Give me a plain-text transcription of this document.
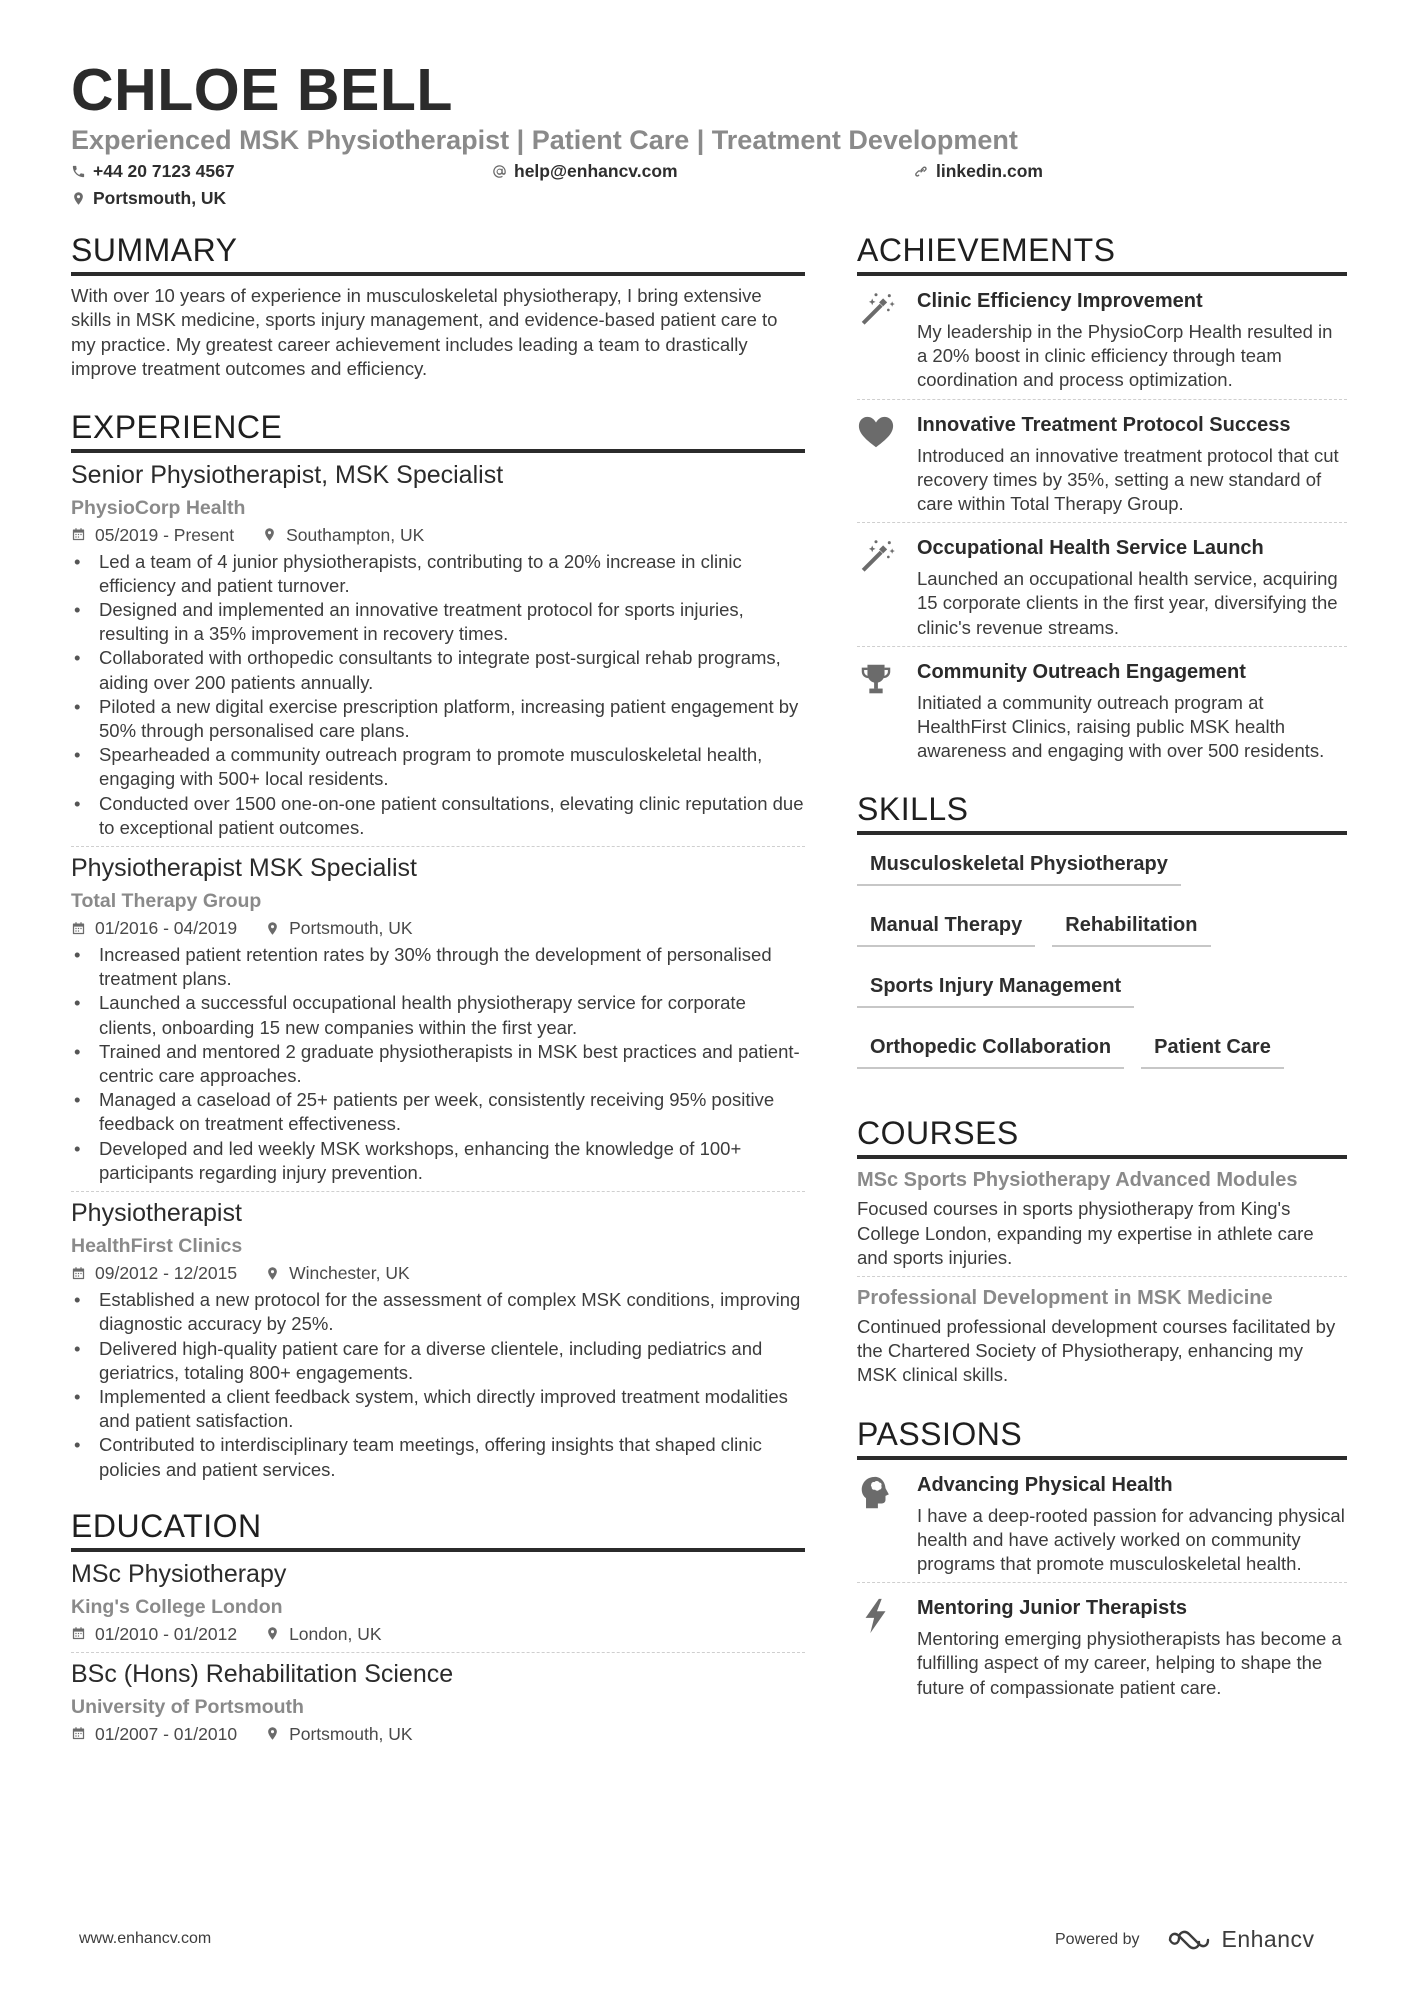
CHLOE BELL
Experienced MSK Physiotherapist | Patient Care | Treatment Development
+44 20 7123 4567	help@enhancv.com	linkedin.com
Portsmouth, UK
SUMMARY

With over 10 years of experience in musculoskeletal physiotherapy, I bring extensive skills in MSK medicine, sports injury management, and evidence-based patient care to my practice. My greatest career achievement includes leading a team to drastically improve treatment outcomes and efficiency.

EXPERIENCE
Senior Physiotherapist, MSK Specialist
PhysioCorp Health
05/2019 - Present	Southampton, UK
• Led a team of 4 junior physiotherapists, contributing to a 20% increase in clinic efficiency and patient turnover.
• Designed and implemented an innovative treatment protocol for sports injuries, resulting in a 35% improvement in recovery times.
• Collaborated with orthopedic consultants to integrate post-surgical rehab programs, aiding over 200 patients annually.
• Piloted a new digital exercise prescription platform, increasing patient engagement by 50% through personalised care plans.
• Spearheaded a community outreach program to promote musculoskeletal health, engaging with 500+ local residents.
• Conducted over 1500 one-on-one patient consultations, elevating clinic reputation due to exceptional patient outcomes.
Physiotherapist MSK Specialist
Total Therapy Group
01/2016 - 04/2019	Portsmouth, UK
• Increased patient retention rates by 30% through the development of personalised treatment plans.
• Launched a successful occupational health physiotherapy service for corporate clients, onboarding 15 new companies within the first year.
• Trained and mentored 2 graduate physiotherapists in MSK best practices and patient-centric care approaches.
• Managed a caseload of 25+ patients per week, consistently receiving 95% positive feedback on treatment effectiveness.
• Developed and led weekly MSK workshops, enhancing the knowledge of 100+ participants regarding injury prevention.
Physiotherapist
HealthFirst Clinics
09/2012 - 12/2015	Winchester, UK
• Established a new protocol for the assessment of complex MSK conditions, improving diagnostic accuracy by 25%.
• Delivered high-quality patient care for a diverse clientele, including pediatrics and geriatrics, totaling 800+ engagements.
• Implemented a client feedback system, which directly improved treatment modalities and patient satisfaction.
• Contributed to interdisciplinary team meetings, offering insights that shaped clinic policies and patient services.
EDUCATION
MSc Physiotherapy
King's College London
01/2010 - 01/2012	London, UK
BSc (Hons) Rehabilitation Science
University of Portsmouth
01/2007 - 01/2010	Portsmouth, UK
ACHIEVEMENTS
Clinic Efficiency Improvement
My leadership in the PhysioCorp Health resulted in a 20% boost in clinic efficiency through team coordination and process optimization.
Innovative Treatment Protocol Success
Introduced an innovative treatment protocol that cut recovery times by 35%, setting a new standard of care within Total Therapy Group.
Occupational Health Service Launch
Launched an occupational health service, acquiring 15 corporate clients in the first year, diversifying the clinic's revenue streams.
Community Outreach Engagement
Initiated a community outreach program at HealthFirst Clinics, raising public MSK health awareness and engaging with over 500 residents.
SKILLS
Musculoskeletal Physiotherapy
Manual Therapy	Rehabilitation
Sports Injury Management
Orthopedic Collaboration	Patient Care
COURSES
MSc Sports Physiotherapy Advanced Modules
Focused courses in sports physiotherapy from King's College London, expanding my expertise in athlete care and sports injuries.
Professional Development in MSK Medicine
Continued professional development courses facilitated by the Chartered Society of Physiotherapy, enhancing my MSK clinical skills.
PASSIONS
Advancing Physical Health
I have a deep-rooted passion for advancing physical health and have actively worked on community programs that promote musculoskeletal health.
Mentoring Junior Therapists
Mentoring emerging physiotherapists has become a fulfilling aspect of my career, helping to shape the future of compassionate patient care.
www.enhancv.com	Powered by	Enhancv
